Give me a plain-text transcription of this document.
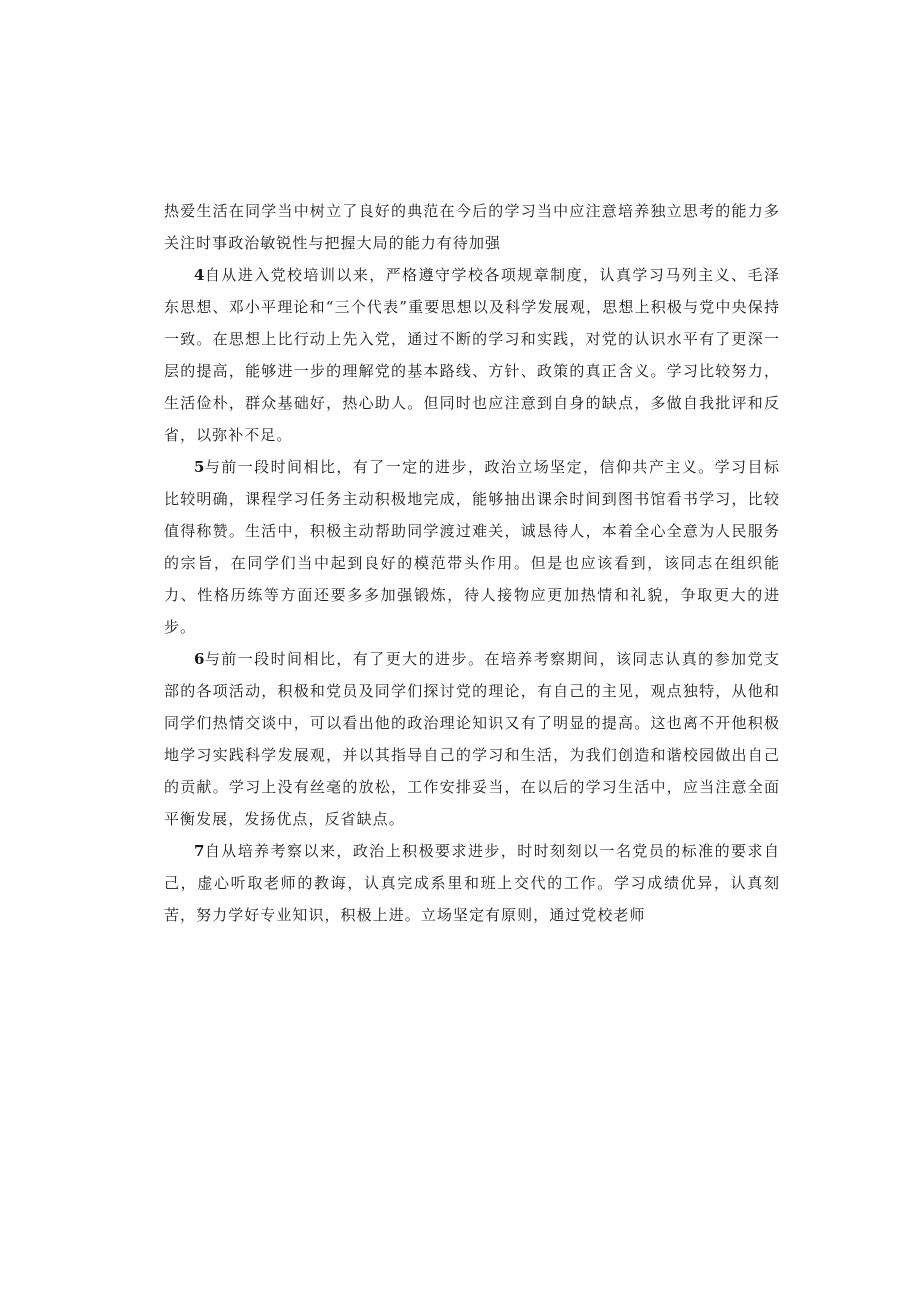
热爱生活在同学当中树立了良好的典范在今后的学习当中应注意培养独立思考的能力多关注时事政治敏锐性与把握大局的能力有待加强

4自从进入党校培训以来，严格遵守学校各项规章制度，认真学习马列主义、毛泽东思想、邓小平理论和“三个代表”重要思想以及科学发展观，思想上积极与党中央保持一致。在思想上比行动上先入党，通过不断的学习和实践，对党的认识水平有了更深一层的提高，能够进一步的理解党的基本路线、方针、政策的真正含义。学习比较努力，生活俭朴，群众基础好，热心助人。但同时也应注意到自身的缺点，多做自我批评和反省，以弥补不足。

5与前一段时间相比，有了一定的进步，政治立场坚定，信仰共产主义。学习目标比较明确，课程学习任务主动积极地完成，能够抽出课余时间到图书馆看书学习，比较值得称赞。生活中，积极主动帮助同学渡过难关，诚恳待人，本着全心全意为人民服务的宗旨，在同学们当中起到良好的模范带头作用。但是也应该看到，该同志在组织能力、性格历练等方面还要多多加强锻炼，待人接物应更加热情和礼貌，争取更大的进步。

6与前一段时间相比，有了更大的进步。在培养考察期间，该同志认真的参加党支部的各项活动，积极和党员及同学们探讨党的理论，有自己的主见，观点独特，从他和同学们热情交谈中，可以看出他的政治理论知识又有了明显的提高。这也离不开他积极地学习实践科学发展观，并以其指导自己的学习和生活，为我们创造和谐校园做出自己的贡献。学习上没有丝毫的放松，工作安排妥当，在以后的学习生活中，应当注意全面平衡发展，发扬优点，反省缺点。

7自从培养考察以来，政治上积极要求进步，时时刻刻以一名党员的标准的要求自己，虚心听取老师的教诲，认真完成系里和班上交代的工作。学习成绩优异，认真刻苦，努力学好专业知识，积极上进。立场坚定有原则，通过党校老师
